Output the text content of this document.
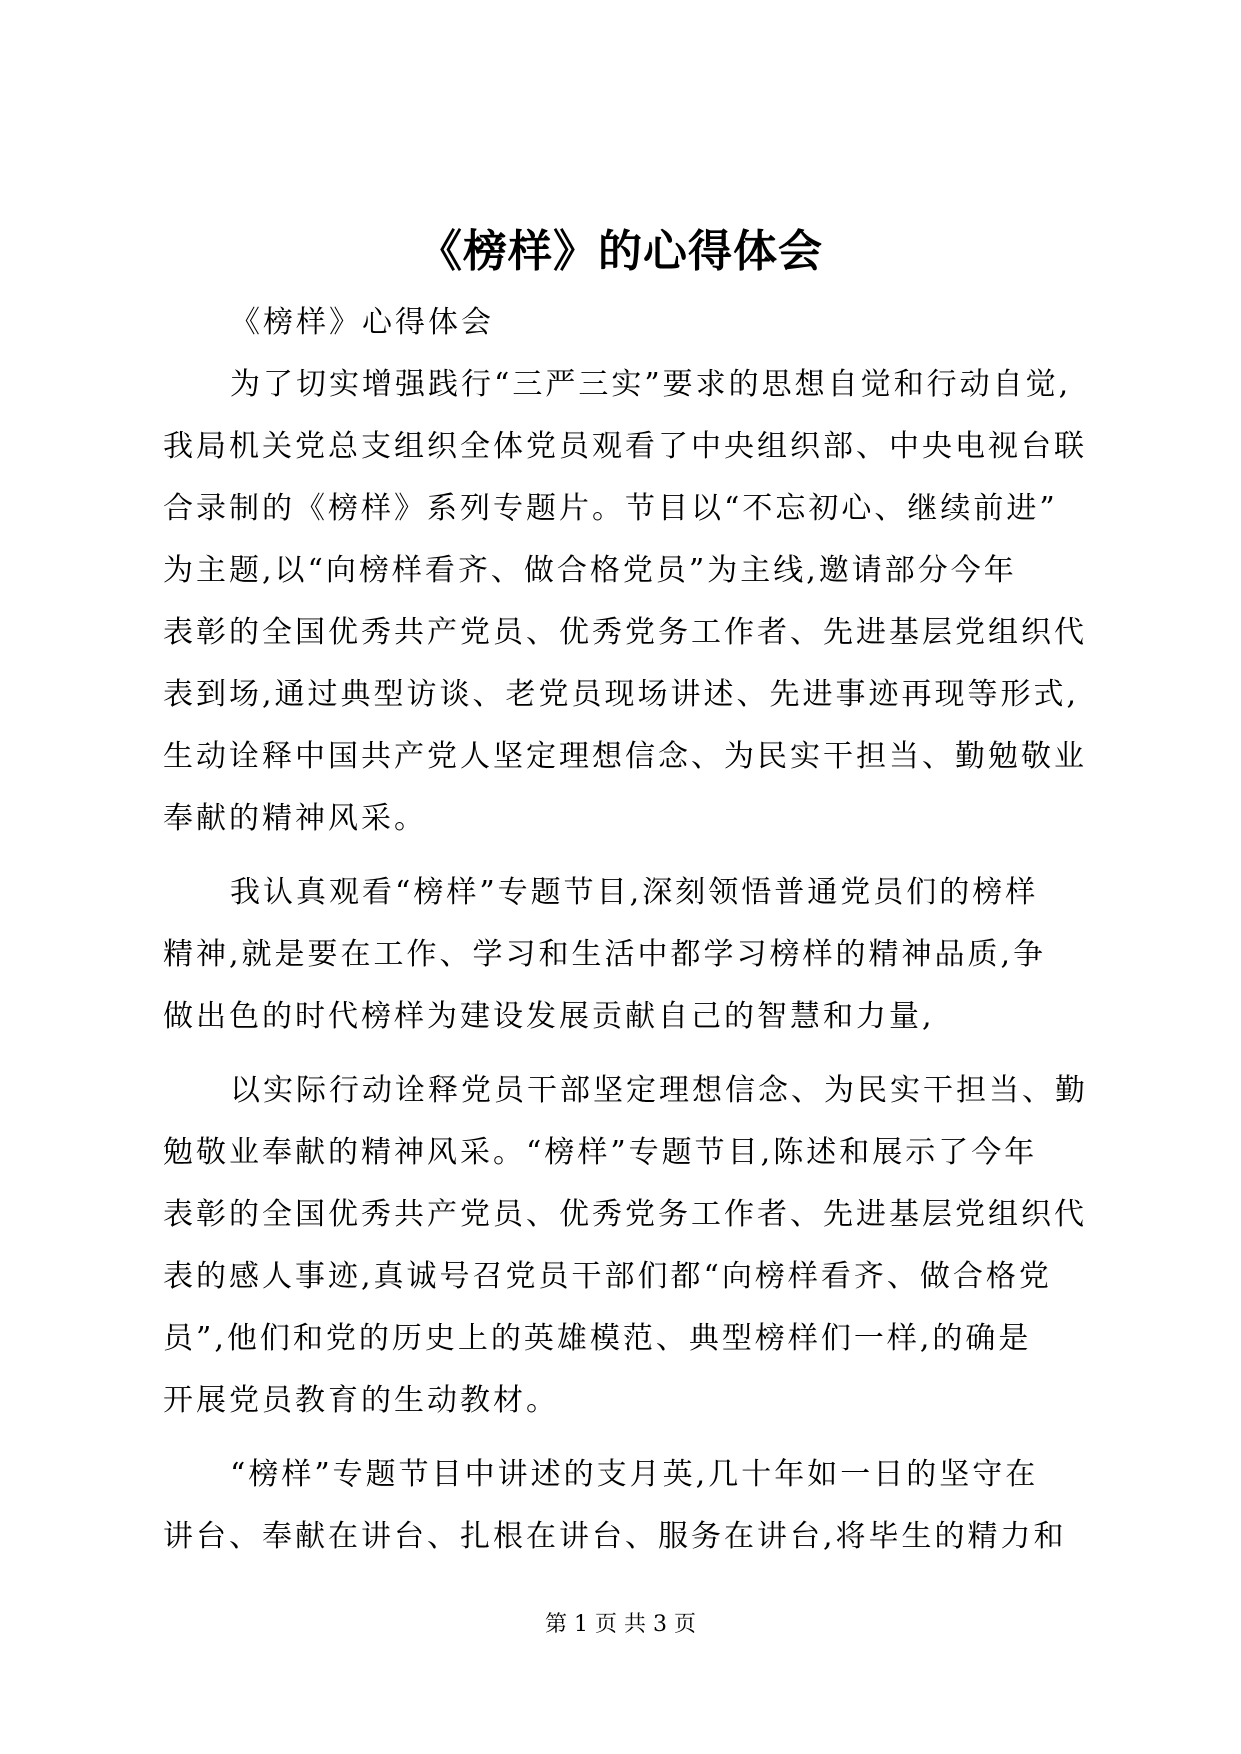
《榜样》的心得体会
《榜样》心得体会
为了切实增强践行“三严三实”要求的思想自觉和行动自觉,
我局机关党总支组织全体党员观看了中央组织部、中央电视台联
合录制的《榜样》系列专题片。节目以“不忘初心、继续前进”
为主题,以“向榜样看齐、做合格党员”为主线,邀请部分今年
表彰的全国优秀共产党员、优秀党务工作者、先进基层党组织代
表到场,通过典型访谈、老党员现场讲述、先进事迹再现等形式,
生动诠释中国共产党人坚定理想信念、为民实干担当、勤勉敬业
奉献的精神风采。
我认真观看“榜样”专题节目,深刻领悟普通党员们的榜样
精神,就是要在工作、学习和生活中都学习榜样的精神品质,争
做出色的时代榜样为建设发展贡献自己的智慧和力量,
以实际行动诠释党员干部坚定理想信念、为民实干担当、勤
勉敬业奉献的精神风采。“榜样”专题节目,陈述和展示了今年
表彰的全国优秀共产党员、优秀党务工作者、先进基层党组织代
表的感人事迹,真诚号召党员干部们都“向榜样看齐、做合格党
员”,他们和党的历史上的英雄模范、典型榜样们一样,的确是
开展党员教育的生动教材。
“榜样”专题节目中讲述的支月英,几十年如一日的坚守在
讲台、奉献在讲台、扎根在讲台、服务在讲台,将毕生的精力和
第 1 页 共 3 页
